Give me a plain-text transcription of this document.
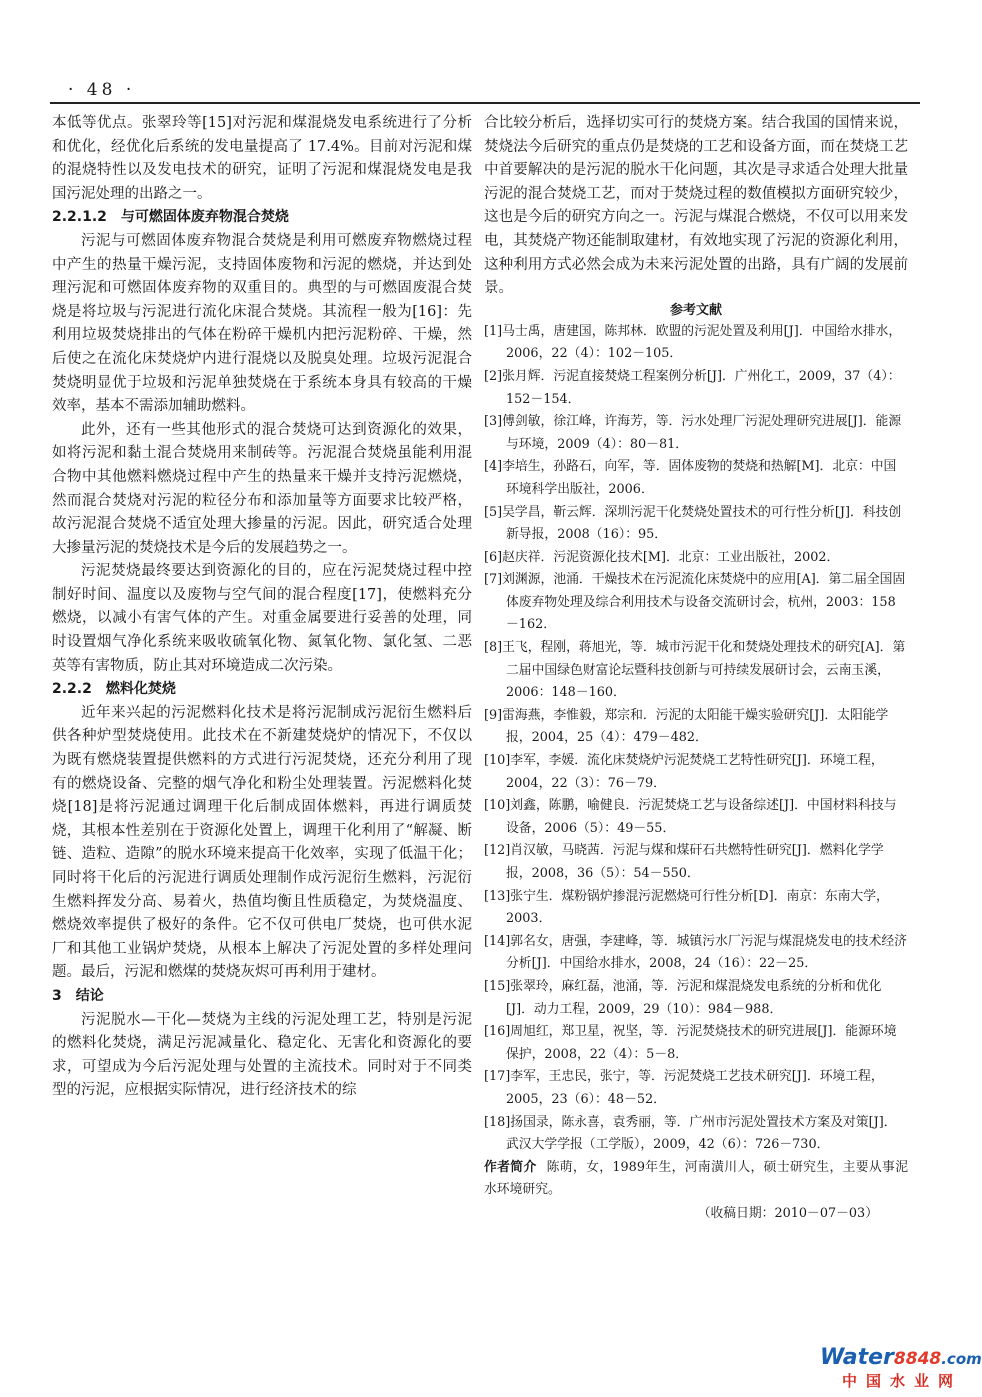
· 48 ·

本低等优点。张翠玲等[15]对污泥和煤混烧发电系统进行了分析和优化，经优化后系统的发电量提高了 17.4%。目前对污泥和煤的混烧特性以及发电技术的研究，证明了污泥和煤混烧发电是我国污泥处理的出路之一。

2.2.1.2 与可燃固体废弃物混合焚烧

污泥与可燃固体废弃物混合焚烧是利用可燃废弃物燃烧过程中产生的热量干燥污泥，支持固体废物和污泥的燃烧，并达到处理污泥和可燃固体废弃物的双重目的。典型的与可燃固废混合焚烧是将垃圾与污泥进行流化床混合焚烧。其流程一般为[16]：先利用垃圾焚烧排出的气体在粉碎干燥机内把污泥粉碎、干燥，然后使之在流化床焚烧炉内进行混烧以及脱臭处理。垃圾污泥混合焚烧明显优于垃圾和污泥单独焚烧在于系统本身具有较高的干燥效率，基本不需添加辅助燃料。

此外，还有一些其他形式的混合焚烧可达到资源化的效果，如将污泥和黏土混合焚烧用来制砖等。污泥混合焚烧虽能利用混合物中其他燃料燃烧过程中产生的热量来干燥并支持污泥燃烧，然而混合焚烧对污泥的粒径分布和添加量等方面要求比较严格，故污泥混合焚烧不适宜处理大掺量的污泥。因此，研究适合处理大掺量污泥的焚烧技术是今后的发展趋势之一。

污泥焚烧最终要达到资源化的目的，应在污泥焚烧过程中控制好时间、温度以及废物与空气间的混合程度[17]，使燃料充分燃烧，以减小有害气体的产生。对重金属要进行妥善的处理，同时设置烟气净化系统来吸收硫氧化物、氮氧化物、氯化氢、二恶英等有害物质，防止其对环境造成二次污染。

2.2.2 燃料化焚烧

近年来兴起的污泥燃料化技术是将污泥制成污泥衍生燃料后供各种炉型焚烧使用。此技术在不新建焚烧炉的情况下，不仅以为既有燃烧装置提供燃料的方式进行污泥焚烧，还充分利用了现有的燃烧设备、完整的烟气净化和粉尘处理装置。污泥燃料化焚烧[18]是将污泥通过调理干化后制成固体燃料，再进行调质焚烧，其根本性差别在于资源化处置上，调理干化利用了“解凝、断链、造粒、造隙”的脱水环境来提高干化效率，实现了低温干化；同时将干化后的污泥进行调质处理制作成污泥衍生燃料，污泥衍生燃料挥发分高、易着火，热值均衡且性质稳定，为焚烧温度、燃烧效率提供了极好的条件。它不仅可供电厂焚烧，也可供水泥厂和其他工业锅炉焚烧，从根本上解决了污泥处置的多样处理问题。最后，污泥和燃煤的焚烧灰烬可再利用于建材。

3 结论

污泥脱水—干化—焚烧为主线的污泥处理工艺，特别是污泥的燃料化焚烧，满足污泥减量化、稳定化、无害化和资源化的要求，可望成为今后污泥处理与处置的主流技术。同时对于不同类型的污泥，应根据实际情况，进行经济技术的综

合比较分析后，选择切实可行的焚烧方案。结合我国的国情来说，焚烧法今后研究的重点仍是焚烧的工艺和设备方面，而在焚烧工艺中首要解决的是污泥的脱水干化问题，其次是寻求适合处理大批量污泥的混合焚烧工艺，而对于焚烧过程的数值模拟方面研究较少，这也是今后的研究方向之一。污泥与煤混合燃烧，不仅可以用来发电，其焚烧产物还能制取建材，有效地实现了污泥的资源化利用，这种利用方式必然会成为未来污泥处置的出路，具有广阔的发展前景。

参考文献

[1]马士禹，唐建国，陈邦林．欧盟的污泥处置及利用[J]．中国给水排水，2006，22（4）：102－105．

[2]张月辉．污泥直接焚烧工程案例分析[J]．广州化工，2009，37（4）：152－154．

[3]傅剑敏，徐江峰，许海芳，等．污水处理厂污泥处理研究进展[J]．能源与环境，2009（4）：80－81．

[4]李培生，孙路石，向军，等．固体废物的焚烧和热解[M]．北京：中国环境科学出版社，2006．

[5]吴学昌，靳云辉．深圳污泥干化焚烧处置技术的可行性分析[J]．科技创新导报，2008（16）：95．

[6]赵庆祥．污泥资源化技术[M]．北京：工业出版社，2002．

[7]刘渊源，池涌．干燥技术在污泥流化床焚烧中的应用[A]．第二届全国固体废弃物处理及综合利用技术与设备交流研讨会，杭州，2003：158－162．

[8]王飞，程刚，蒋旭光，等．城市污泥干化和焚烧处理技术的研究[A]．第二届中国绿色财富论坛暨科技创新与可持续发展研讨会，云南玉溪，2006：148－160．

[9]雷海燕，李惟毅，郑宗和．污泥的太阳能干燥实验研究[J]．太阳能学报，2004，25（4）：479－482．

[10]李军，李媛．流化床焚烧炉污泥焚烧工艺特性研究[J]．环境工程，2004，22（3）：76－79．

[10]刘鑫，陈鹏，喻健良．污泥焚烧工艺与设备综述[J]．中国材料科技与设备，2006（5）：49－55．

[12]肖汉敏，马晓茜．污泥与煤和煤矸石共燃特性研究[J]．燃料化学学报，2008，36（5）：54－550．

[13]张宁生．煤粉锅炉掺混污泥燃烧可行性分析[D]．南京：东南大学，2003．

[14]郭名女，唐强，李建峰，等．城镇污水厂污泥与煤混烧发电的技术经济分析[J]．中国给水排水，2008，24（16）：22－25．

[15]张翠玲，麻红磊，池涌，等．污泥和煤混烧发电系统的分析和优化[J]．动力工程，2009，29（10）：984－988．

[16]周旭红，郑卫星，祝坚，等．污泥焚烧技术的研究进展[J]．能源环境保护，2008，22（4）：5－8．

[17]李军，王忠民，张宁，等．污泥焚烧工艺技术研究[J]．环境工程，2005，23（6）：48－52．

[18]扬国录，陈永喜，袁秀丽，等．广州市污泥处置技术方案及对策[J]．武汉大学学报（工学版），2009，42（6）：726－730．

作者简介 陈萌，女，1989年生，河南潢川人，硕士研究生，主要从事泥水环境研究。

（收稿日期：2010－07－03）

Water8848.com
中国水业网
